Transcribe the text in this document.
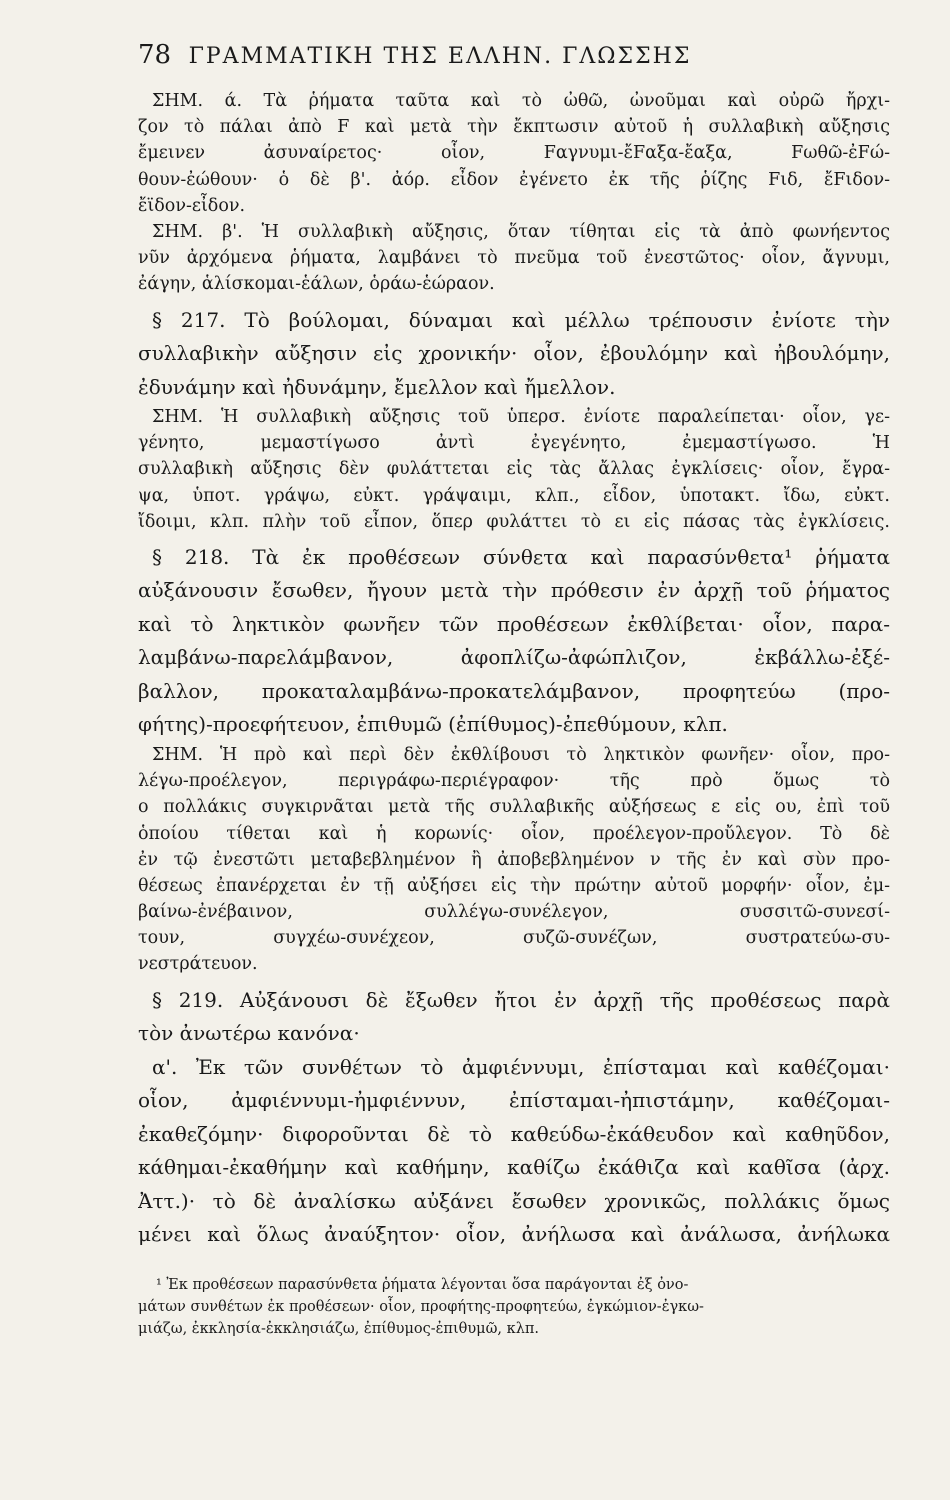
78 ΓΡΑΜΜΑΤΙΚΗ ΤΗΣ ΕΛΛΗΝ. ΓΛΩΣΣΗΣ
ΣΗΜ. ά. Τὰ ῥήματα ταῦτα καὶ τὸ ὠθῶ, ὠνοῦμαι καὶ οὐρῶ ἤρχι-
ζον τὸ πάλαι ἀπὸ F καὶ μετὰ τὴν ἔκπτωσιν αὐτοῦ ἡ συλλαβικὴ αὔξησις
ἔμεινεν ἀσυναίρετος· οἷον, Fαγνυμι-ἔFαξα-ἔαξα, Fωθῶ-ἐFώ-
θουν-ἐώθουν· ὁ δὲ β'. ἀόρ. εἶδον ἐγένετο ἐκ τῆς ῥίζης Fιδ, ἔFιδον-
ἔϊδον-εἶδον.
ΣΗΜ. β'. Ἡ συλλαβικὴ αὔξησις, ὅταν τίθηται εἰς τὰ ἀπὸ φωνήεντος
νῦν ἀρχόμενα ῥήματα, λαμβάνει τὸ πνεῦμα τοῦ ἐνεστῶτος· οἷον, ἄγνυμι,
ἐάγην, ἁλίσκομαι-ἑάλων, ὁράω-ἑώραον.
§ 217. Τὸ βούλομαι, δύναμαι καὶ μέλλω τρέπουσιν ἐνίοτε τὴν
συλλαβικὴν αὔξησιν εἰς χρονικήν· οἷον, ἐβουλόμην καὶ ἠβουλόμην,
ἐδυνάμην καὶ ἠδυνάμην, ἔμελλον καὶ ἤμελλον.
ΣΗΜ. Ἡ συλλαβικὴ αὔξησις τοῦ ὑπερσ. ἐνίοτε παραλείπεται· οἷον, γε-
γένητο, μεμαστίγωσο ἀντὶ ἐγεγένητο, ἐμεμαστίγωσο. Ἡ
συλλαβικὴ αὔξησις δὲν φυλάττεται εἰς τὰς ἄλλας ἐγκλίσεις· οἷον, ἔγρα-
ψα, ὑποτ. γράψω, εὐκτ. γράψαιμι, κλπ., εἶδον, ὑποτακτ. ἴδω, εὐκτ.
ἴδοιμι, κλπ. πλὴν τοῦ εἶπον, ὅπερ φυλάττει τὸ ει εἰς πάσας τὰς ἐγκλίσεις.
§ 218. Τὰ ἐκ προθέσεων σύνθετα καὶ παρασύνθετα¹ ῥήματα
αὐξάνουσιν ἔσωθεν, ἤγουν μετὰ τὴν πρόθεσιν ἐν ἀρχῇ τοῦ ῥήματος
καὶ τὸ ληκτικὸν φωνῆεν τῶν προθέσεων ἐκθλίβεται· οἷον, παρα-
λαμβάνω-παρελάμβανον, ἀφοπλίζω-ἀφώπλιζον, ἐκβάλλω-ἐξέ-
βαλλον, προκαταλαμβάνω-προκατελάμβανον, προφητεύω (προ-
φήτης)-προεφήτευον, ἐπιθυμῶ (ἐπίθυμος)-ἐπεθύμουν, κλπ.
ΣΗΜ. Ἡ πρὸ καὶ περὶ δὲν ἐκθλίβουσι τὸ ληκτικὸν φωνῆεν· οἷον, προ-
λέγω-προέλεγον, περιγράφω-περιέγραφον· τῆς πρὸ ὅμως τὸ
ο πολλάκις συγκιρνᾶται μετὰ τῆς συλλαβικῆς αὐξήσεως ε εἰς ου, ἐπὶ τοῦ
ὁποίου τίθεται καὶ ἡ κορωνίς· οἷον, προέλεγον-προὔλεγον. Τὸ δὲ
ἐν τῷ ἐνεστῶτι μεταβεβλημένον ἢ ἀποβεβλημένον ν τῆς ἐν καὶ σὺν προ-
θέσεως ἐπανέρχεται ἐν τῇ αὐξήσει εἰς τὴν πρώτην αὐτοῦ μορφήν· οἷον, ἐμ-
βαίνω-ἐνέβαινον, συλλέγω-συνέλεγον, συσσιτῶ-συνεσί-
τουν, συγχέω-συνέχεον, συζῶ-συνέζων, συστρατεύω-συ-
νεστράτευον.
§ 219. Αὐξάνουσι δὲ ἔξωθεν ἤτοι ἐν ἀρχῇ τῆς προθέσεως παρὰ
τὸν ἀνωτέρω κανόνα·
α'. Ἐκ τῶν συνθέτων τὸ ἀμφιέννυμι, ἐπίσταμαι καὶ καθέζομαι·
οἷον, ἀμφιέννυμι-ἠμφιέννυν, ἐπίσταμαι-ἠπιστάμην, καθέζομαι-
ἐκαθεζόμην· διφοροῦνται δὲ τὸ καθεύδω-ἐκάθευδον καὶ καθηῦδον,
κάθημαι-ἐκαθήμην καὶ καθήμην, καθίζω ἐκάθιζα καὶ καθῖσα (ἀρχ.
Ἀττ.)· τὸ δὲ ἀναλίσκω αὐξάνει ἔσωθεν χρονικῶς, πολλάκις ὅμως
μένει καὶ ὅλως ἀναύξητον· οἷον, ἀνήλωσα καὶ ἀνάλωσα, ἀνήλωκα
¹ Ἐκ προθέσεων παρασύνθετα ῥήματα λέγονται ὅσα παράγονται ἐξ ὀνο-
μάτων συνθέτων ἐκ προθέσεων· οἷον, προφήτης-προφητεύω, ἐγκώμιον-ἐγκω-
μιάζω, ἐκκλησία-ἐκκλησιάζω, ἐπίθυμος-ἐπιθυμῶ, κλπ.
